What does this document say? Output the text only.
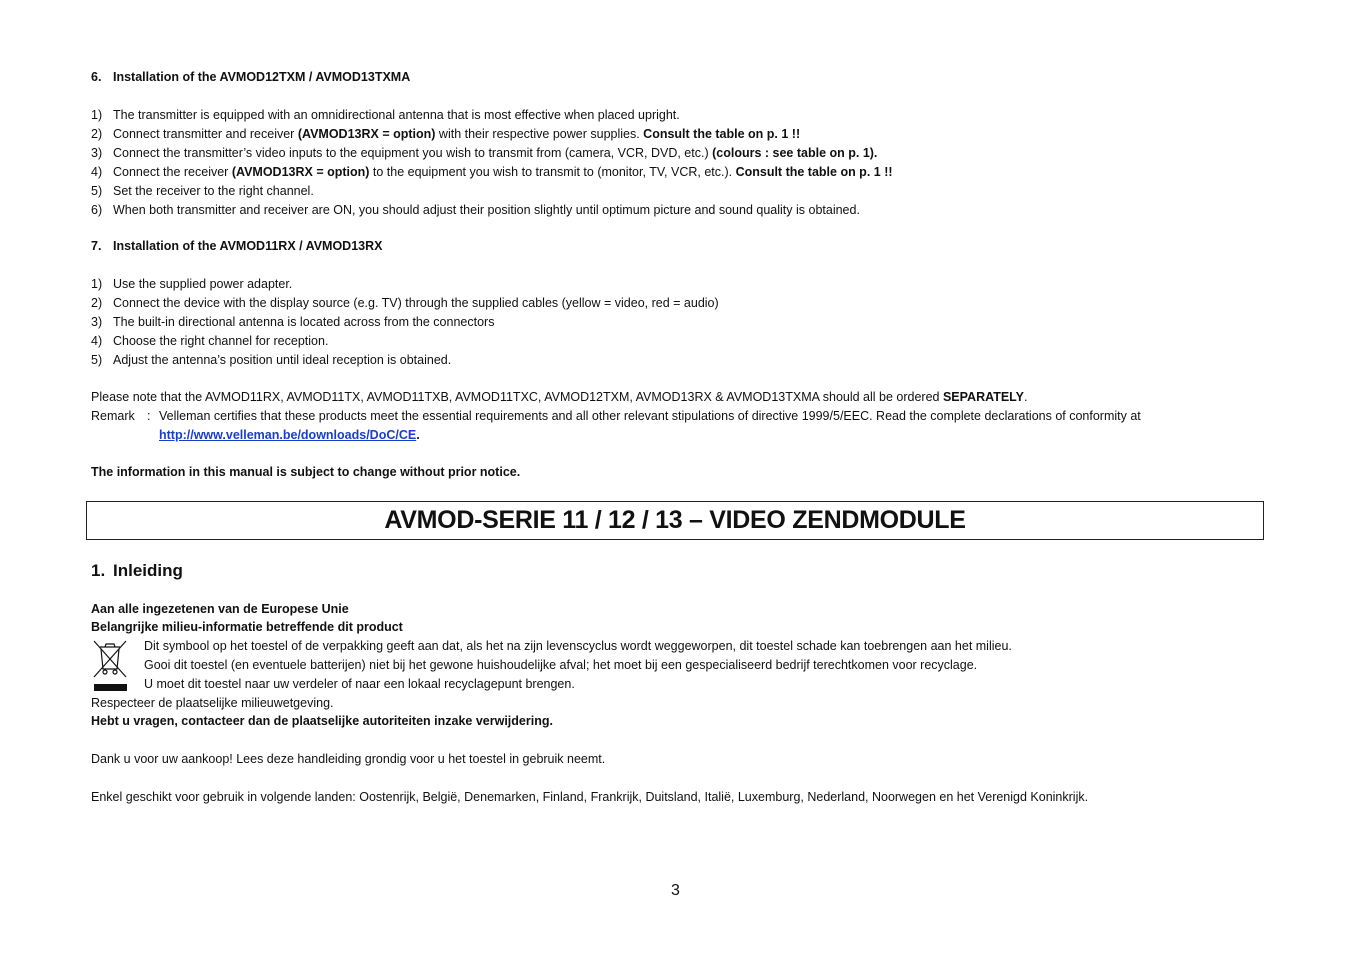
6. Installation of the AVMOD12TXM / AVMOD13TXMA
1) The transmitter is equipped with an omnidirectional antenna that is most effective when placed upright.
2) Connect transmitter and receiver (AVMOD13RX = option) with their respective power supplies. Consult the table on p. 1 !!
3) Connect the transmitter’s video inputs to the equipment you wish to transmit from (camera, VCR, DVD, etc.) (colours : see table on p. 1).
4) Connect the receiver (AVMOD13RX = option) to the equipment you wish to transmit to (monitor, TV, VCR, etc.). Consult the table on p. 1 !!
5) Set the receiver to the right channel.
6) When both transmitter and receiver are ON, you should adjust their position slightly until optimum picture and sound quality is obtained.
7. Installation of the AVMOD11RX / AVMOD13RX
1) Use the supplied power adapter.
2) Connect the device with the display source (e.g. TV) through the supplied cables (yellow = video, red = audio)
3) The built-in directional antenna is located across from the connectors
4) Choose the right channel for reception.
5) Adjust the antenna’s position until ideal reception is obtained.
Please note that the AVMOD11RX, AVMOD11TX, AVMOD11TXB, AVMOD11TXC, AVMOD12TXM, AVMOD13RX & AVMOD13TXMA should all be ordered SEPARATELY.
Remark : Velleman certifies that these products meet the essential requirements and all other relevant stipulations of directive 1999/5/EEC. Read the complete declarations of conformity at
http://www.velleman.be/downloads/DoC/CE.
The information in this manual is subject to change without prior notice.
AVMOD-SERIE 11 / 12 / 13 – VIDEO ZENDMODULE
1. Inleiding
Aan alle ingezetenen van de Europese Unie
Belangrijke milieu-informatie betreffende dit product
Dit symbool op het toestel of de verpakking geeft aan dat, als het na zijn levenscyclus wordt weggeworpen, dit toestel schade kan toebrengen aan het milieu.
Gooi dit toestel (en eventuele batterijen) niet bij het gewone huishoudelijke afval; het moet bij een gespecialiseerd bedrijf terechtkomen voor recyclage.
U moet dit toestel naar uw verdeler of naar een lokaal recyclagepunt brengen.
Respecteer de plaatselijke milieuwetgeving.
Hebt u vragen, contacteer dan de plaatselijke autoriteiten inzake verwijdering.
Dank u voor uw aankoop! Lees deze handleiding grondig voor u het toestel in gebruik neemt.
Enkel geschikt voor gebruik in volgende landen: Oostenrijk, België, Denemarken, Finland, Frankrijk, Duitsland, Italië, Luxemburg, Nederland, Noorwegen en het Verenigd Koninkrijk.
3
